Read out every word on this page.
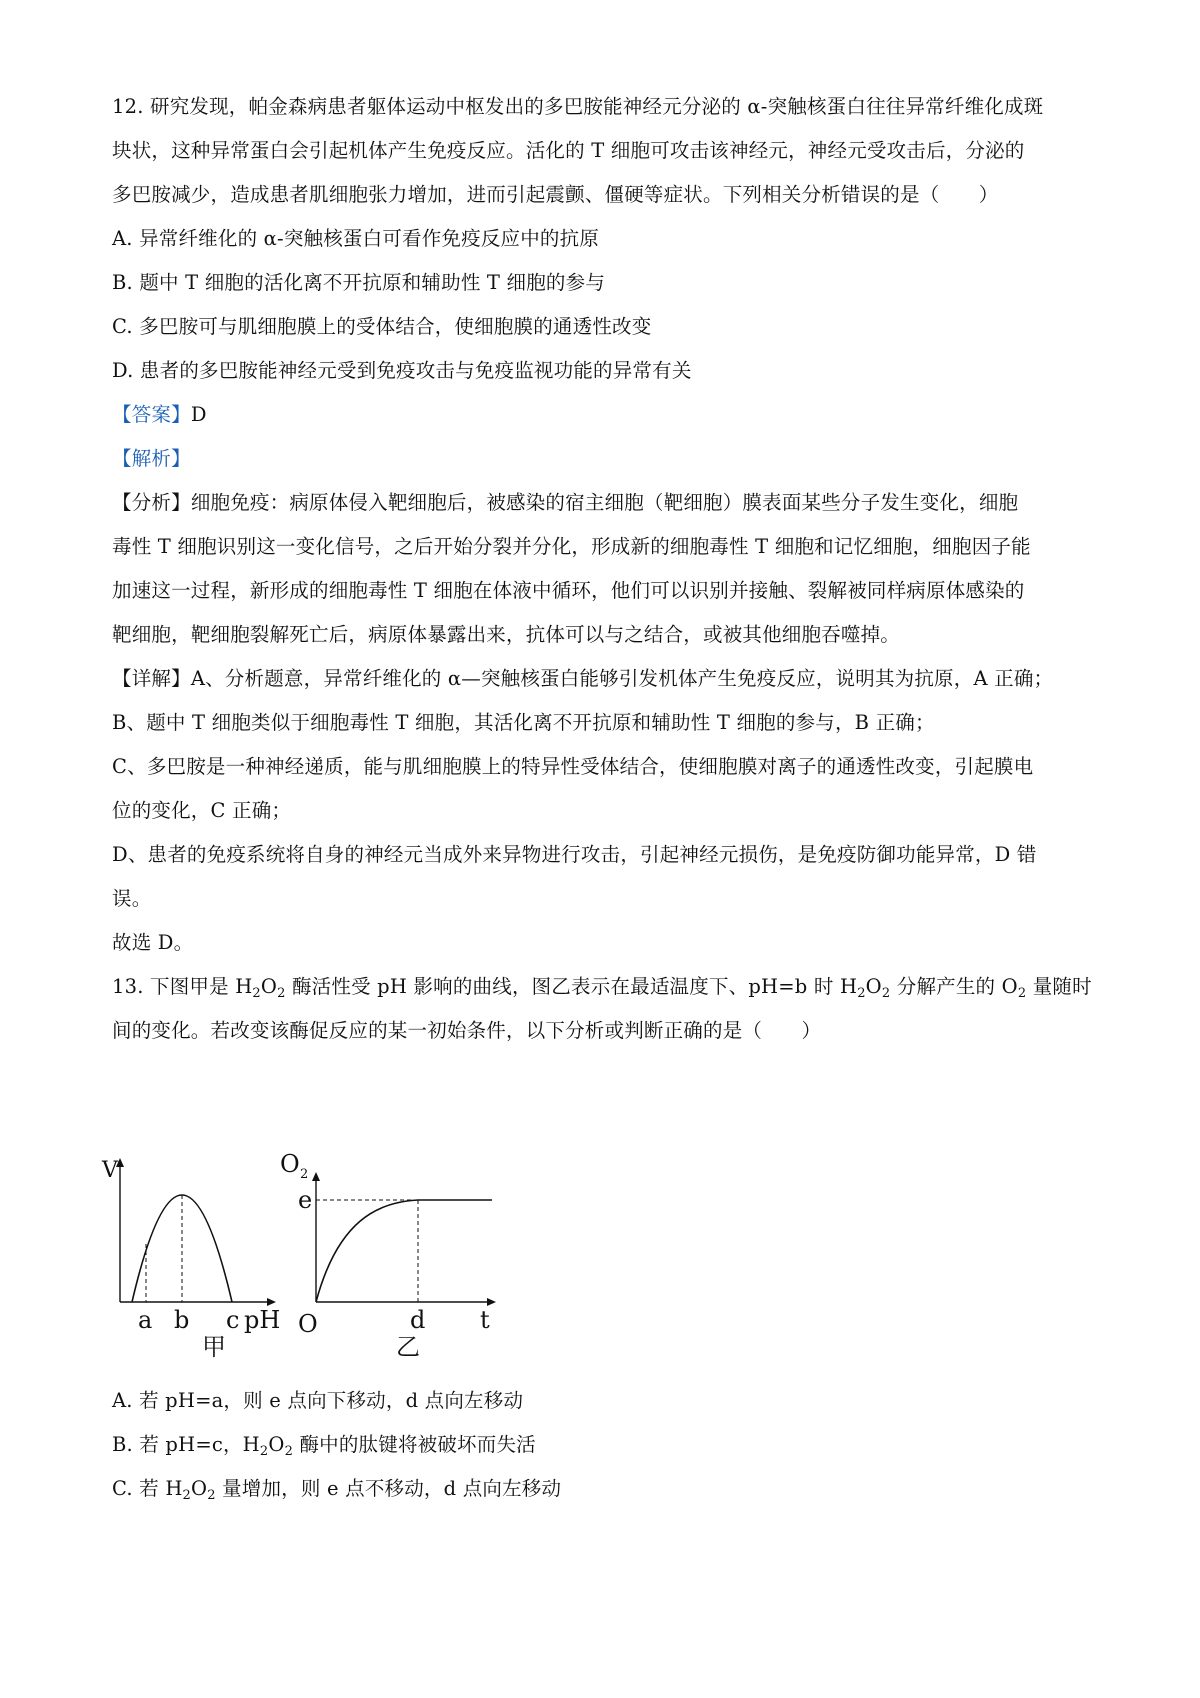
12. 研究发现，帕金森病患者躯体运动中枢发出的多巴胺能神经元分泌的 α-突触核蛋白往往异常纤维化成斑
块状，这种异常蛋白会引起机体产生免疫反应。活化的 T 细胞可攻击该神经元，神经元受攻击后，分泌的
多巴胺减少，造成患者肌细胞张力增加，进而引起震颤、僵硬等症状。下列相关分析错误的是（　　）
A. 异常纤维化的 α-突触核蛋白可看作免疫反应中的抗原
B. 题中 T 细胞的活化离不开抗原和辅助性 T 细胞的参与
C. 多巴胺可与肌细胞膜上的受体结合，使细胞膜的通透性改变
D. 患者的多巴胺能神经元受到免疫攻击与免疫监视功能的异常有关
【答案】D
【解析】
【分析】细胞免疫：病原体侵入靶细胞后，被感染的宿主细胞（靶细胞）膜表面某些分子发生变化，细胞
毒性 T 细胞识别这一变化信号，之后开始分裂并分化，形成新的细胞毒性 T 细胞和记忆细胞，细胞因子能
加速这一过程，新形成的细胞毒性 T 细胞在体液中循环，他们可以识别并接触、裂解被同样病原体感染的
靶细胞，靶细胞裂解死亡后，病原体暴露出来，抗体可以与之结合，或被其他细胞吞噬掉。
【详解】A、分析题意，异常纤维化的 α—突触核蛋白能够引发机体产生免疫反应，说明其为抗原，A 正确；
B、题中 T 细胞类似于细胞毒性 T 细胞，其活化离不开抗原和辅助性 T 细胞的参与，B 正确；
C、多巴胺是一种神经递质，能与肌细胞膜上的特异性受体结合，使细胞膜对离子的通透性改变，引起膜电
位的变化，C 正确；
D、患者的免疫系统将自身的神经元当成外来异物进行攻击，引起神经元损伤，是免疫防御功能异常，D 错
误。
故选 D。
13. 下图甲是 $H_2O_2$ 酶活性受 pH 影响的曲线，图乙表示在最适温度下、pH=b 时 $H_2O_2$ 分解产生的 $O_2$ 量随时
间的变化。若改变该酶促反应的某一初始条件，以下分析或判断正确的是（　　）
V
a b c pH
甲
O 2
e
O	d t
乙
A. 若 pH=a，则 e 点向下移动，d 点向左移动
B. 若 pH=c，$H_2O_2$ 酶中的肽键将被破坏而失活
C. 若 $H_2O_2$ 量增加，则 e 点不移动，d 点向左移动
